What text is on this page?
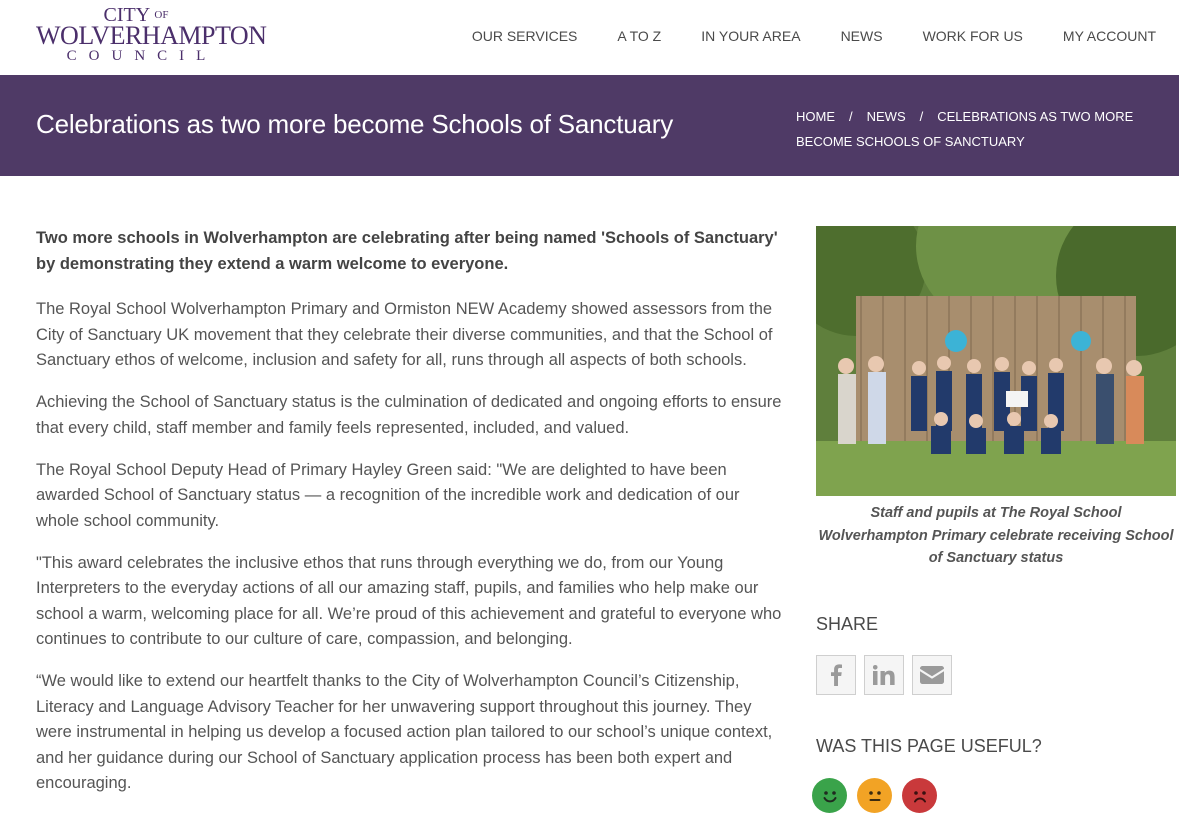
CITY $^{OF}$
WOLVERHAMPTON
COUNCIL
OUR SERVICES	A TO Z	IN YOUR AREA	NEWS	WORK FOR US	MY ACCOUNT
Celebrations as two more become Schools of Sanctuary	HOME / NEWS / CELEBRATIONS AS TWO MORE BECOME SCHOOLS OF SANCTUARY

Two more schools in Wolverhampton are celebrating after being named 'Schools of Sanctuary' by demonstrating they extend a warm welcome to everyone.

The Royal School Wolverhampton Primary and Ormiston NEW Academy showed assessors from the City of Sanctuary UK movement that they celebrate their diverse communities, and that the School of Sanctuary ethos of welcome, inclusion and safety for all, runs through all aspects of both schools.

Achieving the School of Sanctuary status is the culmination of dedicated and ongoing efforts to ensure that every child, staff member and family feels represented, included, and valued.

The Royal School Deputy Head of Primary Hayley Green said: "We are delighted to have been awarded School of Sanctuary status — a recognition of the incredible work and dedication of our whole school community.

"This award celebrates the inclusive ethos that runs through everything we do, from our Young Interpreters to the everyday actions of all our amazing staff, pupils, and families who help make our school a warm, welcoming place for all. We’re proud of this achievement and grateful to everyone who continues to contribute to our culture of care, compassion, and belonging.

“We would like to extend our heartfelt thanks to the City of Wolverhampton Council’s Citizenship, Literacy and Language Advisory Teacher for her unwavering support throughout this journey. They were instrumental in helping us develop a focused action plan tailored to our school’s unique context, and her guidance during our School of Sanctuary application process has been both expert and encouraging.

Staff and pupils at The Royal School Wolverhampton Primary celebrate receiving School of Sanctuary status
SHARE
WAS THIS PAGE USEFUL?
